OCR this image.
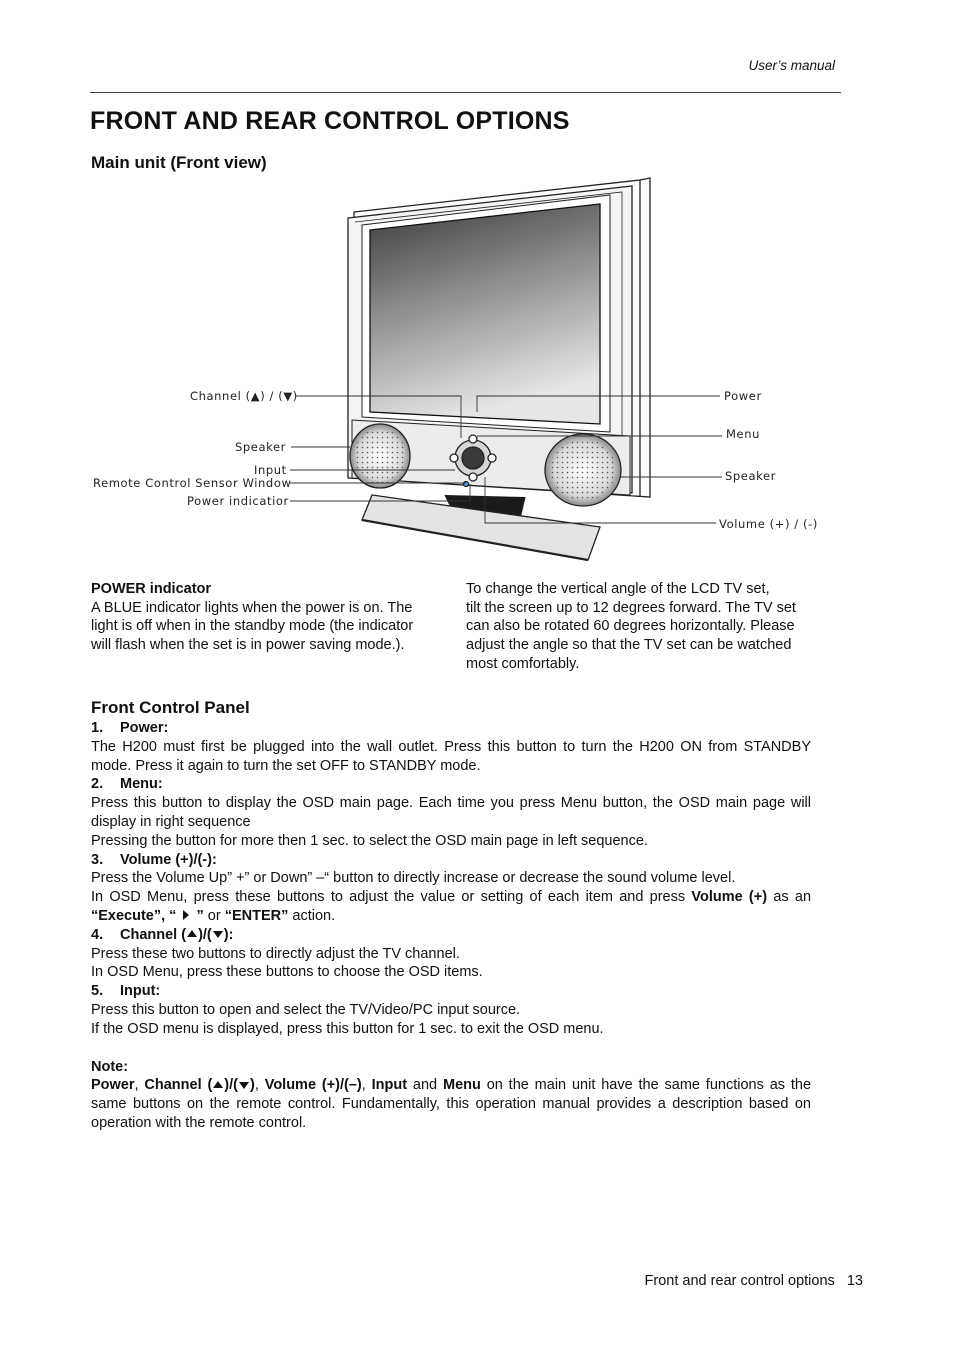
User’s manual
FRONT AND REAR CONTROL OPTIONS
Main unit (Front view)
Channel (▲) / (▼)
Speaker
Input
Remote Control Sensor Window
Power indicatior
Power
Menu
Speaker
Volume (+) / (-)

POWER indicator

A BLUE indicator lights when the power is on. The light is off when in the standby mode (the indicator will flash when the set is in power saving mode.).

To change the vertical angle of the LCD TV set,

tilt the screen up to 12 degrees forward. The TV set can also be rotated 60 degrees horizontally. Please adjust the angle so that the TV set can be watched most comfortably.

Front Control Panel
1. Power:

The H200 must first be plugged into the wall outlet. Press this button to turn the H200 ON from STANDBY mode. Press it again to turn the set OFF to STANDBY mode.

2. Menu:

Press this button to display the OSD main page. Each time you press Menu button, the OSD main page will display in right sequence

Pressing the button for more then 1 sec. to select the OSD main page in left sequence.

3. Volume (+)/(-):

Press the Volume Up” +” or Down” –“ button to directly increase or decrease the sound volume level.

In OSD Menu, press these buttons to adjust the value or setting of each item and press Volume (+) as an “Execute”, “  ” or “ENTER” action.

4. Channel ( )/( ):

Press these two buttons to directly adjust the TV channel.

In OSD Menu, press these buttons to choose the OSD items.

5. Input:

Press this button to open and select the TV/Video/PC input source.

If the OSD menu is displayed, press this button for 1 sec. to exit the OSD menu.

Note:

Power, Channel ( )/( ), Volume (+)/(–), Input and Menu on the main unit have the same functions as the same buttons on the remote control. Fundamentally, this operation manual provides a description based on operation with the remote control.

Front and rear control options 13
